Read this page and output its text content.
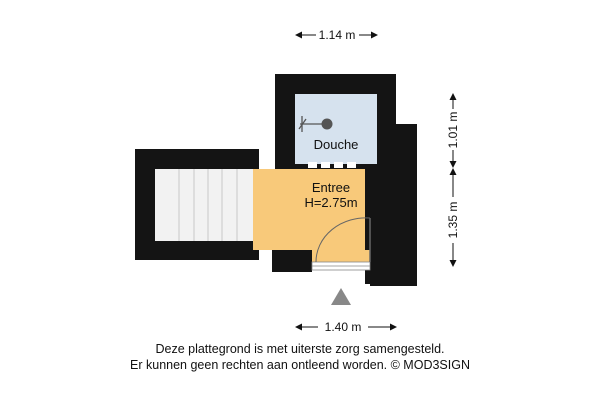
Douche
Entree
H=2.75m
1.14 m
1.40 m
1.01 m
1.35 m
Deze plattegrond is met uiterste zorg samengesteld.
Er kunnen geen rechten aan ontleend worden. © MOD3SIGN
